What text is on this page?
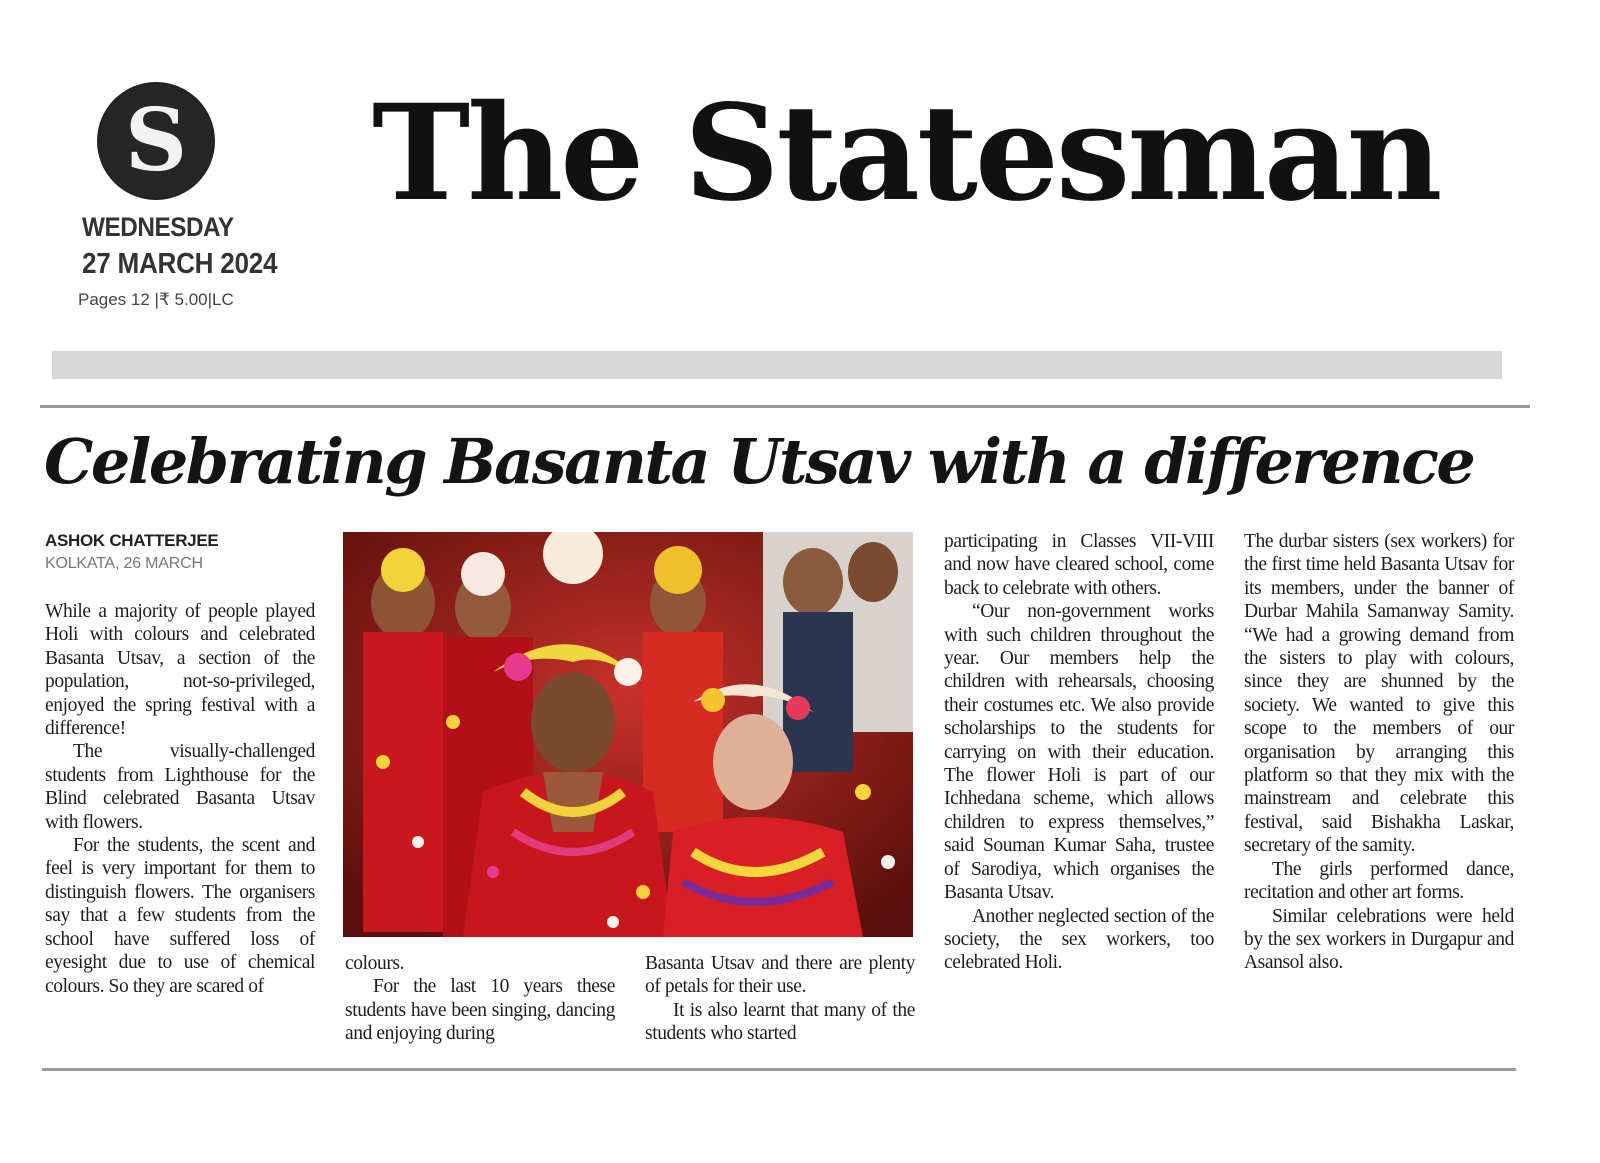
S
WEDNESDAY
27 MARCH 2024
Pages 12 |₹ 5.00|LC
The Statesman
Celebrating Basanta Utsav with a difference
ASHOK CHATTERJEE
KOLKATA, 26 MARCH

While a majority of people played Holi with colours and celebrated Basanta Utsav, a section of the population, not-so-privileged, enjoyed the spring festival with a difference!

The visually-challenged students from Lighthouse for the Blind celebrated Basanta Utsav with flowers.

For the students, the scent and feel is very important for them to distinguish flowers. The organisers say that a few students from the school have suffered loss of eyesight due to use of chemical colours. So they are scared of

colours.

For the last 10 years these students have been singing, dancing and enjoying during

Basanta Utsav and there are plenty of petals for their use.

It is also learnt that many of the students who started

participating in Classes VII-VIII and now have cleared school, come back to celebrate with others.

“Our non-government works with such children throughout the year. Our members help the children with rehearsals, choosing their costumes etc. We also provide scholarships to the students for carrying on with their education. The flower Holi is part of our Ichhedana scheme, which allows children to express themselves,” said Souman Kumar Saha, trustee of Sarodiya, which organises the Basanta Utsav.

Another neglected section of the society, the sex workers, too celebrated Holi.

The durbar sisters (sex workers) for the first time held Basanta Utsav for its members, under the banner of Durbar Mahila Samanway Samity. “We had a growing demand from the sisters to play with colours, since they are shunned by the society. We wanted to give this scope to the members of our organisation by arranging this platform so that they mix with the mainstream and celebrate this festival, said Bishakha Laskar, secretary of the samity.

The girls performed dance, recitation and other art forms.

Similar celebrations were held by the sex workers in Durgapur and Asansol also.
